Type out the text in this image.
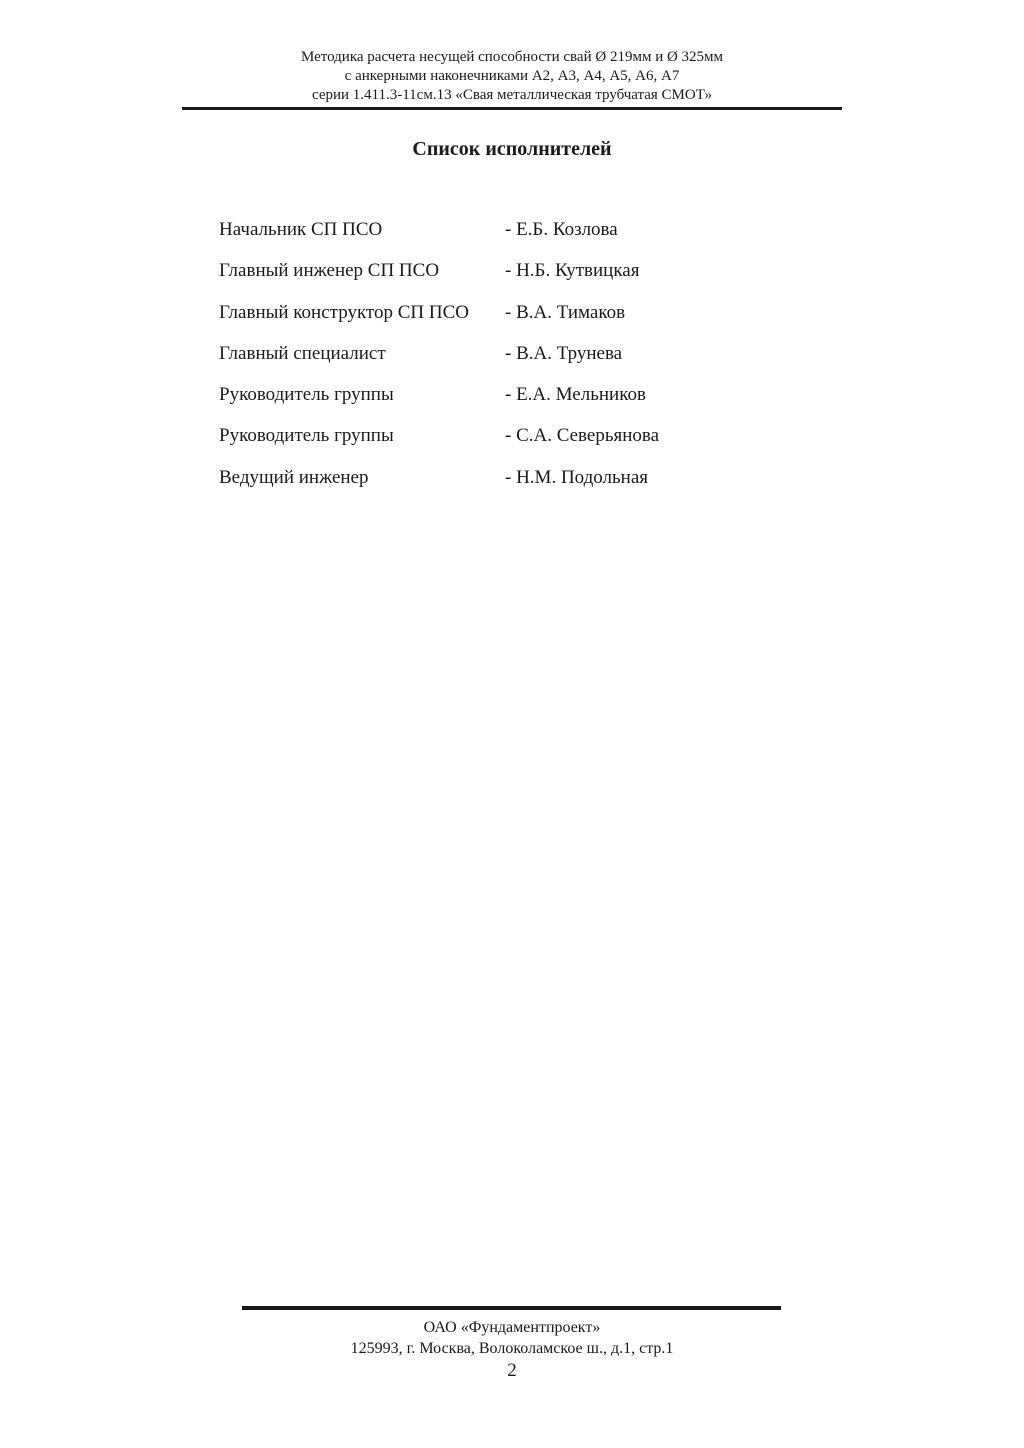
Методика расчета несущей способности свай Ø 219мм и Ø 325мм
с анкерными наконечниками А2, А3, А4, А5, А6, А7
серии 1.411.3-11см.13 «Свая металлическая трубчатая СМОТ»
Список исполнителей
Начальник СП ПСО	- Е.Б. Козлова
Главный инженер СП ПСО	- Н.Б. Кутвицкая
Главный конструктор СП ПСО - В.А. Тимаков
Главный специалист	- В.А. Трунева
Руководитель группы	- Е.А. Мельников
Руководитель группы	- С.А. Северьянова
Ведущий инженер	- Н.М. Подольная
ОАО «Фундаментпроект»
125993, г. Москва, Волоколамское ш., д.1, стр.1
2
